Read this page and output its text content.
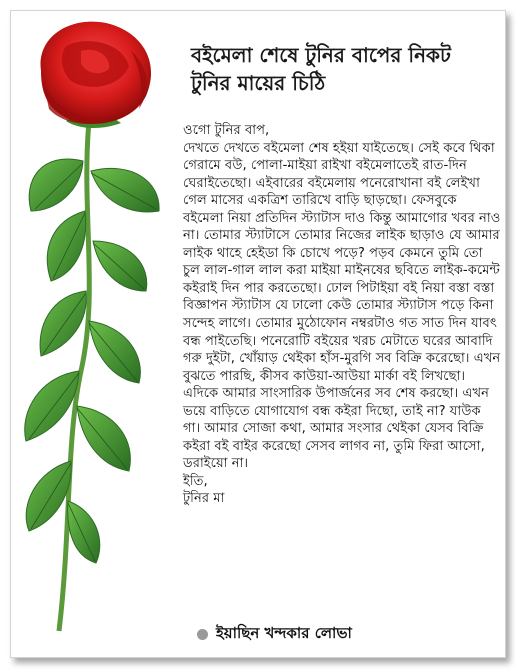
বইমেলা শেষে টুনির বাপের নিকট
টুনির মায়ের চিঠি

ওগো টুনির বাপ,

দেখতে দেখতে বইমেলা শেষ হইয়া যাইতেছে। সেই কবে থিকা গেরামে বউ, পোলা-মাইয়া রাইখা বইমেলাতেই রাত-দিন ঘেরাইতেছো। এইবারের বইমেলায় পনেরোখানা বই লেইখা গেল মাসের একত্রিশ তারিখে বাড়ি ছাড়ছো। ফেসবুকে বইমেলা নিয়া প্রতিদিন স্ট্যাটাস দাও কিন্তু আমাগোর খবর নাও না। তোমার স্ট্যাটাসে তোমার নিজের লাইক ছাড়াও যে আমার লাইক থাহে হেইডা কি চোখে পড়ে? পড়ব কেমনে তুমি তো চুল লাল-গাল লাল করা মাইয়া মাইনষের ছবিতে লাইক-কমেন্ট কইরাই দিন পার করতেছো। ঢোল পিটাইয়া বই নিয়া বস্তা বস্তা বিজ্ঞাপন স্ট্যাটাস যে ঢালো কেউ তোমার স্ট্যাটাস পড়ে কিনা সন্দেহ লাগে। তোমার মুঠোফোন নম্বরটাও গত সাত দিন যাবৎ বন্ধ পাইতেছি। পনেরোটি বইয়ের খরচ মেটাতে ঘরের আবাদি গরু দুইটা, খোঁয়াড় থেইকা হাঁস-মুরগি সব বিক্রি করেছো। এখন বুঝতে পারছি, কীসব কাউয়া-আউয়া মার্কা বই লিখছো। এদিকে আমার সাংসারিক উপার্জনের সব শেষ করছো। এখন ভয়ে বাড়িতে যোগাযোগ বন্ধ কইরা দিছো, তাই না? যাউক গা। আমার সোজা কথা, আমার সংসার থেইকা যেসব বিক্রি কইরা বই বাইর করেছো সেসব লাগব না, তুমি ফিরা আসো, ডরাইয়ো না।

ইতি,

টুনির মা

ইয়াছিন খন্দকার লোভা
